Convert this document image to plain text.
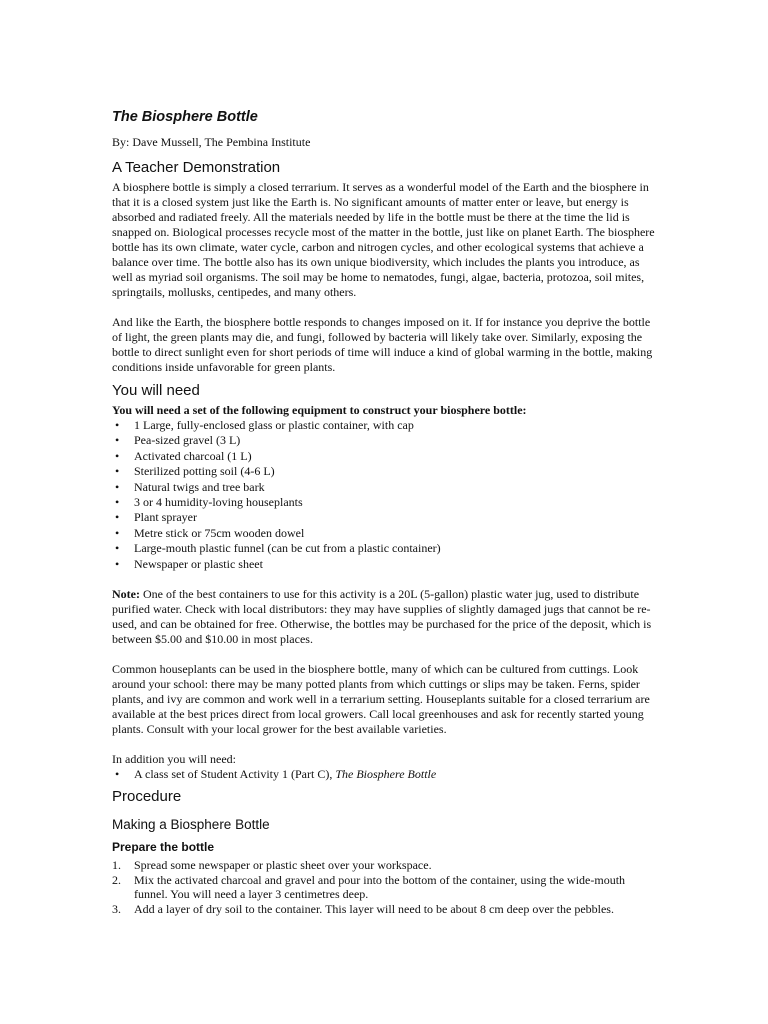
The Biosphere Bottle
By: Dave Mussell, The Pembina Institute
A Teacher Demonstration

A biosphere bottle is simply a closed terrarium. It serves as a wonderful model of the Earth and the biosphere in that it is a closed system just like the Earth is. No significant amounts of matter enter or leave, but energy is absorbed and radiated freely. All the materials needed by life in the bottle must be there at the time the lid is snapped on. Biological processes recycle most of the matter in the bottle, just like on planet Earth. The biosphere bottle has its own climate, water cycle, carbon and nitrogen cycles, and other ecological systems that achieve a balance over time. The bottle also has its own unique biodiversity, which includes the plants you introduce, as well as myriad soil organisms. The soil may be home to nematodes, fungi, algae, bacteria, protozoa, soil mites, springtails, mollusks, centipedes, and many others.

And like the Earth, the biosphere bottle responds to changes imposed on it. If for instance you deprive the bottle of light, the green plants may die, and fungi, followed by bacteria will likely take over. Similarly, exposing the bottle to direct sunlight even for short periods of time will induce a kind of global warming in the bottle, making conditions inside unfavorable for green plants.

You will need
You will need a set of the following equipment to construct your biosphere bottle:
• 1 Large, fully-enclosed glass or plastic container, with cap
• Pea-sized gravel (3 L)
• Activated charcoal (1 L)
• Sterilized potting soil (4-6 L)
• Natural twigs and tree bark
• 3 or 4 humidity-loving houseplants
• Plant sprayer
• Metre stick or 75cm wooden dowel
• Large-mouth plastic funnel (can be cut from a plastic container)
• Newspaper or plastic sheet

Note: One of the best containers to use for this activity is a 20L (5-gallon) plastic water jug, used to distribute purified water. Check with local distributors: they may have supplies of slightly damaged jugs that cannot be re-used, and can be obtained for free. Otherwise, the bottles may be purchased for the price of the deposit, which is between $5.00 and $10.00 in most places.

Common houseplants can be used in the biosphere bottle, many of which can be cultured from cuttings. Look around your school: there may be many potted plants from which cuttings or slips may be taken. Ferns, spider plants, and ivy are common and work well in a terrarium setting. Houseplants suitable for a closed terrarium are available at the best prices direct from local growers. Call local greenhouses and ask for recently started young plants. Consult with your local grower for the best available varieties.

In addition you will need:

• A class set of Student Activity 1 (Part C), The Biosphere Bottle
Procedure
Making a Biosphere Bottle
Prepare the bottle
1. Spread some newspaper or plastic sheet over your workspace.
2. Mix the activated charcoal and gravel and pour into the bottom of the container, using the wide-mouth funnel. You will need a layer 3 centimetres deep.
3. Add a layer of dry soil to the container. This layer will need to be about 8 cm deep over the pebbles.
